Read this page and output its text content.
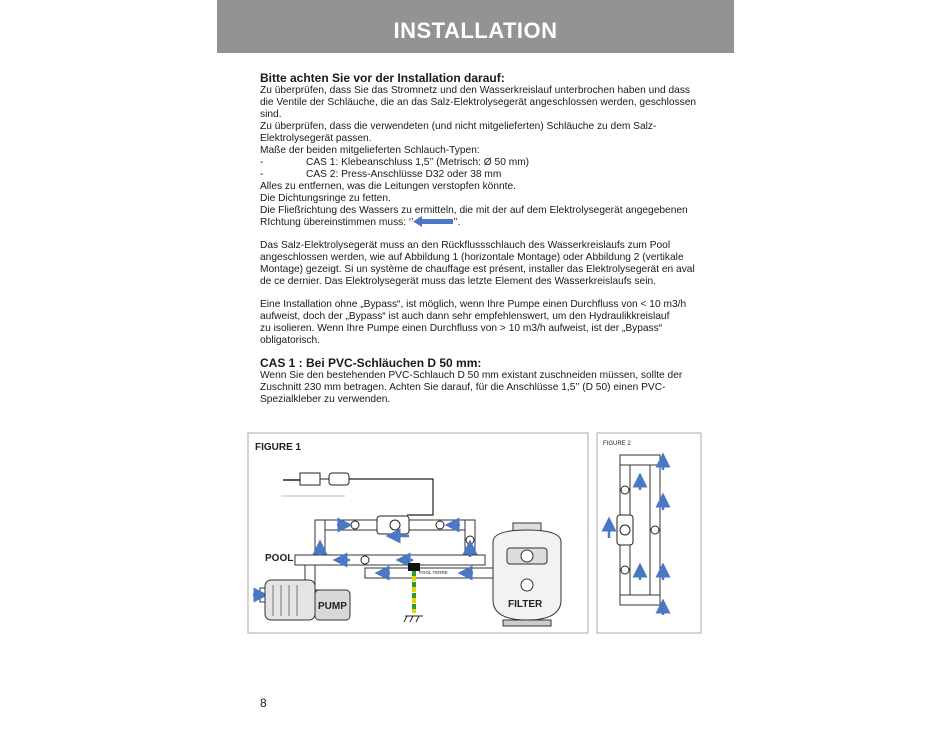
INSTALLATION
Bitte achten Sie vor der Installation darauf:

Zu überprüfen, dass Sie das Stromnetz und den Wasserkreislauf unterbrochen haben und dass

die Ventile der Schläuche, die an das Salz-Elektrolysegerät angeschlossen werden, geschlossen

sind.

Zu überprüfen, dass die verwendeten (und nicht mitgelieferten) Schläuche zu dem Salz-

Elektrolysegerät passen.

Maße der beiden mitgelieferten Schlauch-Typen:

-	CAS 1: Klebeanschluss 1,5’’ (Metrisch: Ø 50 mm)
-	CAS 2: Press-Anschlüsse D32 oder 38 mm

Alles zu entfernen, was die Leitungen verstopfen könnte.

Die Dichtungsringe zu fetten.

Die Fließrichtung des Wassers zu ermitteln, die mit der auf dem Elektrolysegerät angegebenen

RIchtung übereinstimmen muss: ‘’	’’.

Das Salz-Elektrolysegerät muss an den Rückflussschlauch des Wasserkreislaufs zum Pool

angeschlossen werden, wie auf Abbildung 1 (horizontale Montage) oder Abbildung 2 (vertikale

Montage) gezeigt. Si un système de chauffage est présent, installer das Elektrolysegerät en aval

de ce dernier. Das Elektrolysegerät muss das letzte Element des Wasserkreislaufs sein.

Eine Installation ohne „Bypass“, ist möglich, wenn Ihre Pumpe einen Durchfluss von < 10 m3/h

aufweist, doch der „Bypass“ ist auch dann sehr empfehlenswert, um den Hydraulikkreislauf

zu isolieren. Wenn Ihre Pumpe einen Durchfluss von > 10 m3/h aufweist, ist der „Bypass“

obligatorisch.

CAS 1 : Bei PVC-Schläuchen D 50 mm:

Wenn Sie den bestehenden PVC-Schlauch D 50 mm existant zuschneiden müssen, sollte der

Zuschnitt 230 mm betragen. Achten Sie darauf, für die Anschlüsse 1,5’’ (D 50) einen PVC-

Spezialkleber zu verwenden.

FIGURE 1
POOL TERRE
PUMP
POOL
FILTER
FIGURE 2
8
